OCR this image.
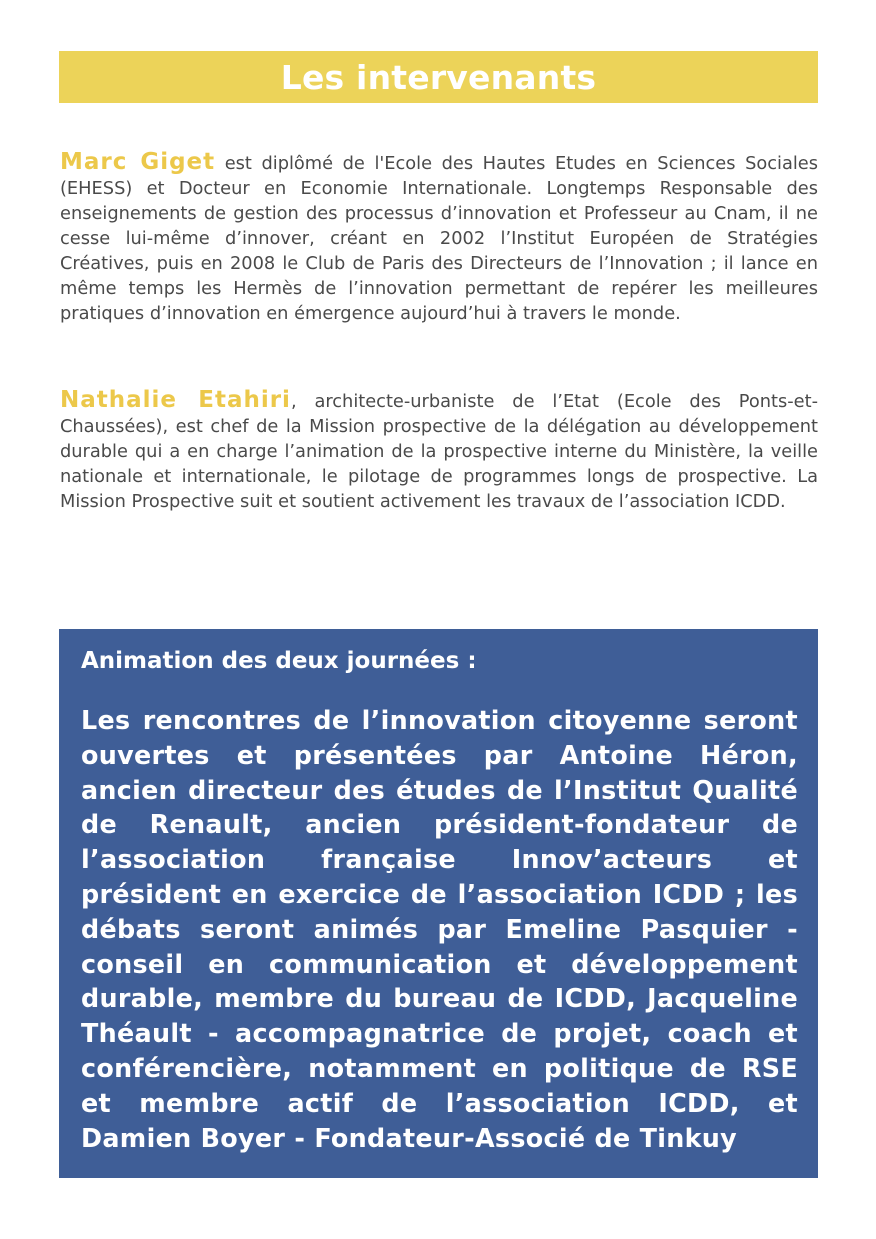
Les intervenants

Marc Giget est diplômé de l'Ecole des Hautes Etudes en Sciences Sociales (EHESS) et Docteur en Economie Internationale. Longtemps Responsable des enseignements de gestion des processus d’innovation et Professeur au Cnam, il ne cesse lui-même d’innover, créant en 2002 l’Institut Européen de Stratégies Créatives, puis en 2008 le Club de Paris des Directeurs de l’Innovation ; il lance en même temps les Hermès de l’innovation permettant de repérer les meilleures pratiques d’innovation en émergence aujourd’hui à travers le monde.

Nathalie Etahiri, architecte-urbaniste de l’Etat (Ecole des Ponts-et-Chaussées), est chef de la Mission prospective de la délégation au développement durable qui a en charge l’animation de la prospective interne du Ministère, la veille nationale et internationale, le pilotage de programmes longs de prospective. La Mission Prospective suit et soutient activement les travaux de l’association ICDD.

Animation des deux journées :

Les rencontres de l’innovation citoyenne seront ouvertes et présentées par Antoine Héron, ancien directeur des études de l’Institut Qualité de Renault, ancien président-fondateur de l’association française Innov’acteurs et président en exercice de l’association ICDD ; les débats seront animés par Emeline Pasquier - conseil en communication et développement durable, membre du bureau de ICDD, Jacqueline Théault - accompagnatrice de projet, coach et conférencière, notamment en politique de RSE et membre actif de l’association ICDD, et Damien Boyer - Fondateur-Associé de Tinkuy
